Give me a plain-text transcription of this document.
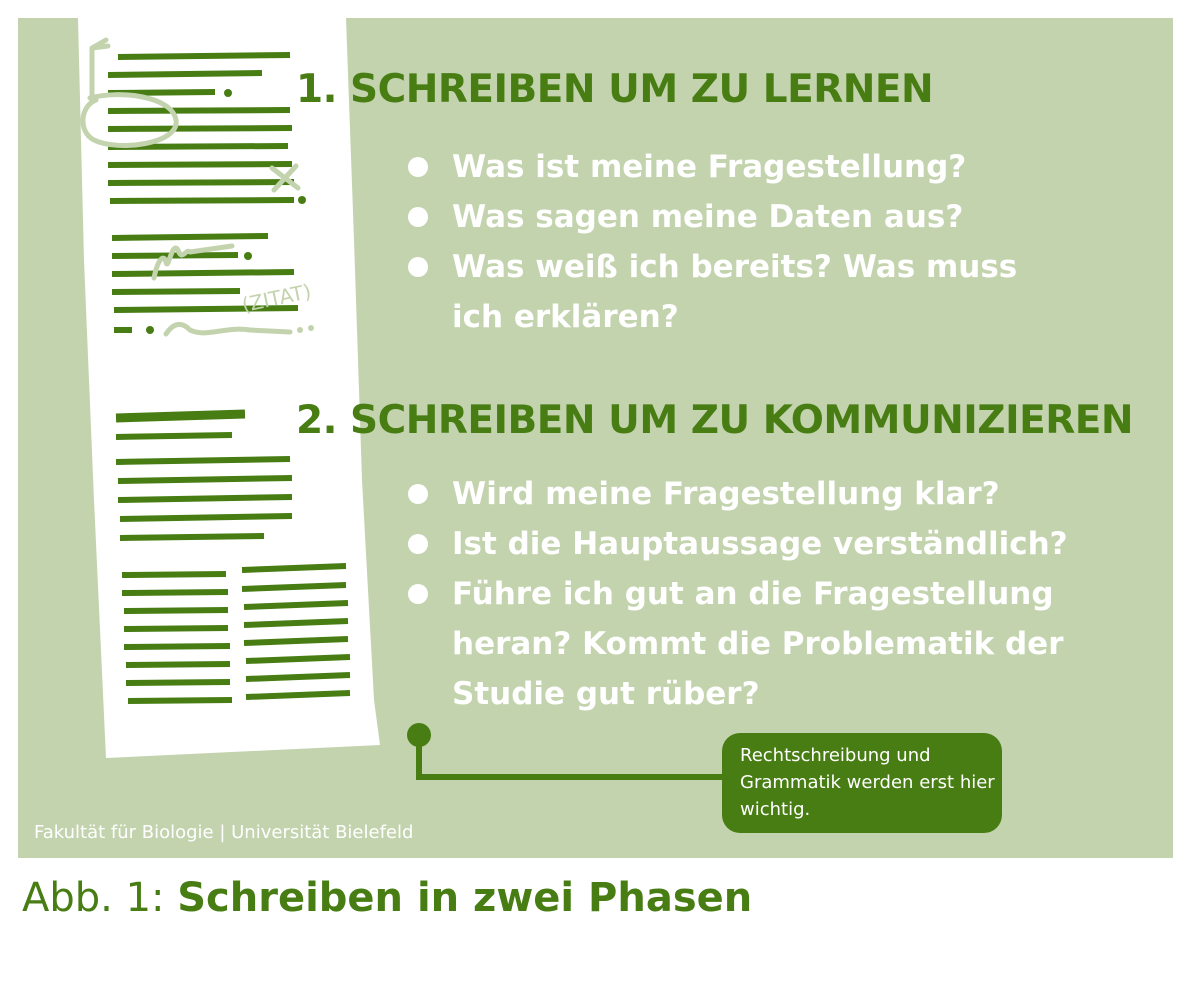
(ZITAT)
1. SCHREIBEN UM ZU LERNEN
Was ist meine Fragestellung?
Was sagen meine Daten aus?
Was weiß ich bereits? Was muss ich erklären?
2. SCHREIBEN UM ZU KOMMUNIZIEREN
Wird meine Fragestellung klar?
Ist die Hauptaussage verständlich?
Führe ich gut an die Fragestellung heran? Kommt die Problematik der Studie gut rüber?
Rechtschreibung und Grammatik werden erst hier wichtig.
Fakultät für Biologie | Universität Bielefeld
Abb. 1: Schreiben in zwei Phasen
